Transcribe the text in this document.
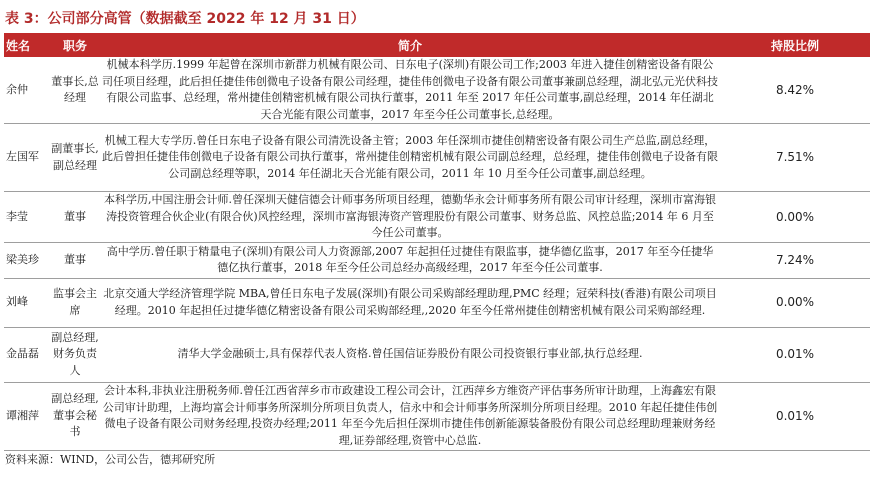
表 3：公司部分高管（数据截至 2022 年 12 月 31 日）
姓名	职务	简介	持股比例
余仲	董事长,总经理	机械本科学历.1999 年起曾在深圳市新群力机械有限公司、日东电子(深圳)有限公司工作;2003 年进入捷佳创精密设备有限公司任项目经理，此后担任捷佳伟创微电子设备有限公司经理，捷佳伟创微电子设备有限公司董事兼副总经理，湖北弘元光伏科技有限公司监事、总经理，常州捷佳创精密机械有限公司执行董事，2011 年至 2017 年任公司董事,副总经理，2014 年任湖北天合光能有限公司董事，2017 年至今任公司董事长,总经理。	8.42%
左国军	副董事长,副总经理	机械工程大专学历.曾任日东电子设备有限公司清洗设备主管；2003 年任深圳市捷佳创精密设备有限公司生产总监,副总经理，此后曾担任捷佳伟创微电子设备有限公司执行董事，常州捷佳创精密机械有限公司副总经理，总经理，捷佳伟创微电子设备有限公司副总经理等职，2014 年任湖北天合光能有限公司，2011 年 10 月至今任公司董事,副总经理。	7.51%
李莹	董事	本科学历,中国注册会计师.曾任深圳天健信德会计师事务所项目经理，德勤华永会计师事务所有限公司审计经理，深圳市富海银涛投资管理合伙企业(有限合伙)风控经理，深圳市富海银涛资产管理股份有限公司董事、财务总监、风控总监;2014 年 6 月至今任公司董事。	0.00%
梁美珍	董事	高中学历.曾任职于精量电子(深圳)有限公司人力资源部,2007 年起担任过捷佳有限监事，捷华德亿监事，2017 年至今任捷华德亿执行董事，2018 年至今任公司总经办高级经理，2017 年至今任公司董事.	7.24%
刘峰	监事会主席	北京交通大学经济管理学院 MBA,曾任日东电子发展(深圳)有限公司采购部经理助理,PMC 经理；冠荣科技(香港)有限公司项目经理。2010 年起担任过捷华德亿精密设备有限公司采购部经理,,2020 年至今任常州捷佳创精密机械有限公司采购部经理.	0.00%
金晶磊	副总经理,财务负责人	清华大学金融硕士,具有保荐代表人资格.曾任国信证券股份有限公司投资银行事业部,执行总经理.	0.01%
谭湘萍	副总经理,董事会秘书	会计本科,非执业注册税务师.曾任江西省萍乡市市政建设工程公司会计，江西萍乡方维资产评估事务所审计助理，上海鑫宏有限公司审计助理，上海均富会计师事务所深圳分所项目负责人，信永中和会计师事务所深圳分所项目经理。2010 年起任捷佳伟创微电子设备有限公司财务经理,投资办经理;2011 年至今先后担任深圳市捷佳伟创新能源装备股份有限公司总经理助理兼财务经理,证券部经理,资管中心总监.	0.01%
资料来源：WIND，公司公告，德邦研究所
